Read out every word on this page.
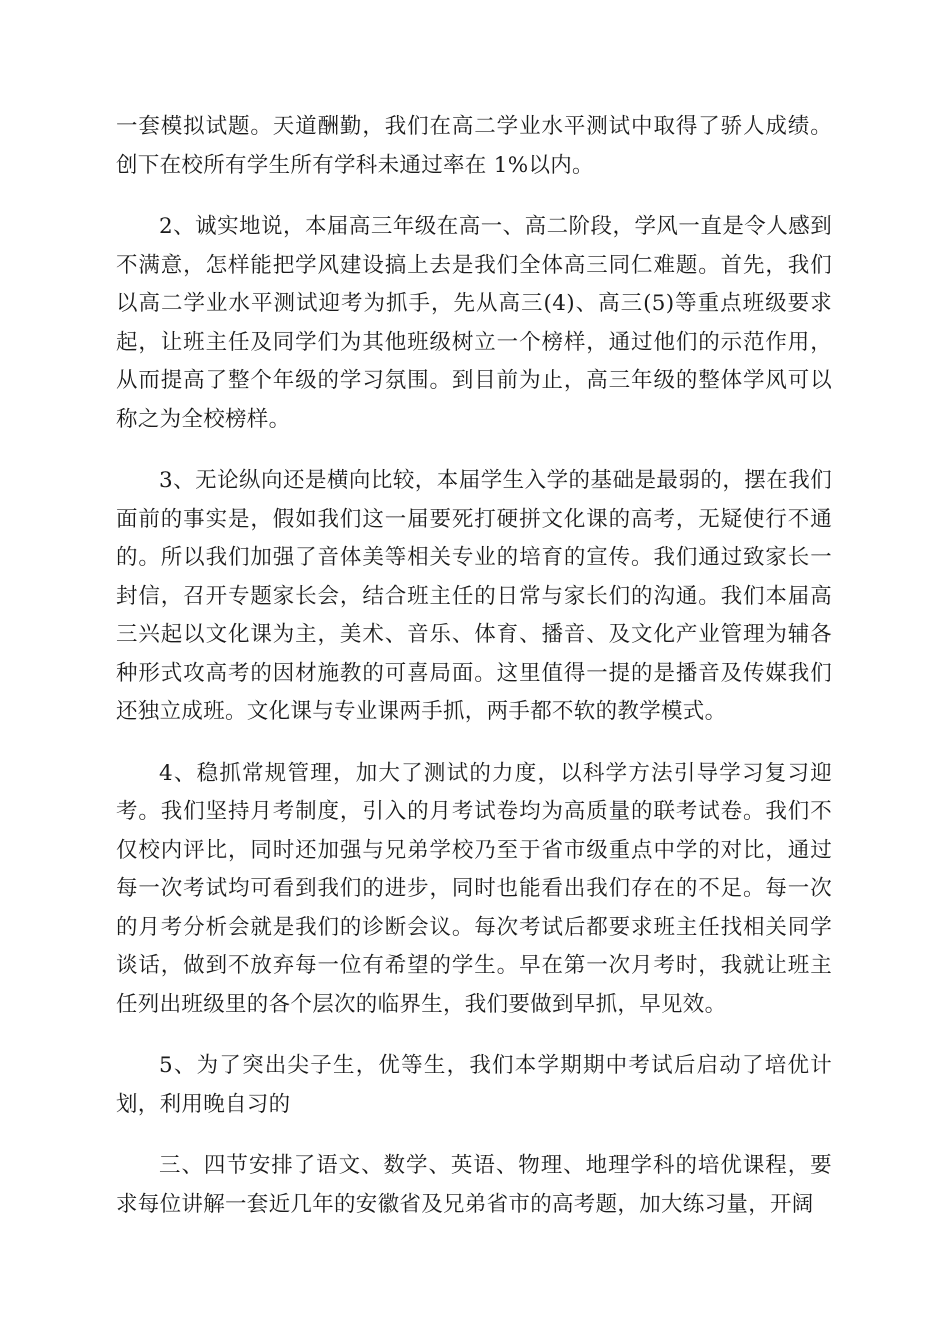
一套模拟试题。天道酬勤，我们在高二学业水平测试中取得了骄人成绩。创下在校所有学生所有学科未通过率在 1%以内。

2、诚实地说，本届高三年级在高一、高二阶段，学风一直是令人感到不满意，怎样能把学风建设搞上去是我们全体高三同仁难题。首先，我们以高二学业水平测试迎考为抓手，先从高三(4)、高三(5)等重点班级要求起，让班主任及同学们为其他班级树立一个榜样，通过他们的示范作用，从而提高了整个年级的学习氛围。到目前为止，高三年级的整体学风可以称之为全校榜样。

3、无论纵向还是横向比较，本届学生入学的基础是最弱的，摆在我们面前的事实是，假如我们这一届要死打硬拼文化课的高考，无疑使行不通的。所以我们加强了音体美等相关专业的培育的宣传。我们通过致家长一封信，召开专题家长会，结合班主任的日常与家长们的沟通。我们本届高三兴起以文化课为主，美术、音乐、体育、播音、及文化产业管理为辅各种形式攻高考的因材施教的可喜局面。这里值得一提的是播音及传媒我们还独立成班。文化课与专业课两手抓，两手都不软的教学模式。

4、稳抓常规管理，加大了测试的力度，以科学方法引导学习复习迎考。我们坚持月考制度，引入的月考试卷均为高质量的联考试卷。我们不仅校内评比，同时还加强与兄弟学校乃至于省市级重点中学的对比，通过每一次考试均可看到我们的进步，同时也能看出我们存在的不足。每一次的月考分析会就是我们的诊断会议。每次考试后都要求班主任找相关同学谈话，做到不放弃每一位有希望的学生。早在第一次月考时，我就让班主任列出班级里的各个层次的临界生，我们要做到早抓，早见效。

5、为了突出尖子生，优等生，我们本学期期中考试后启动了培优计划，利用晚自习的

三、四节安排了语文、数学、英语、物理、地理学科的培优课程，要求每位讲解一套近几年的安徽省及兄弟省市的高考题，加大练习量，开阔
